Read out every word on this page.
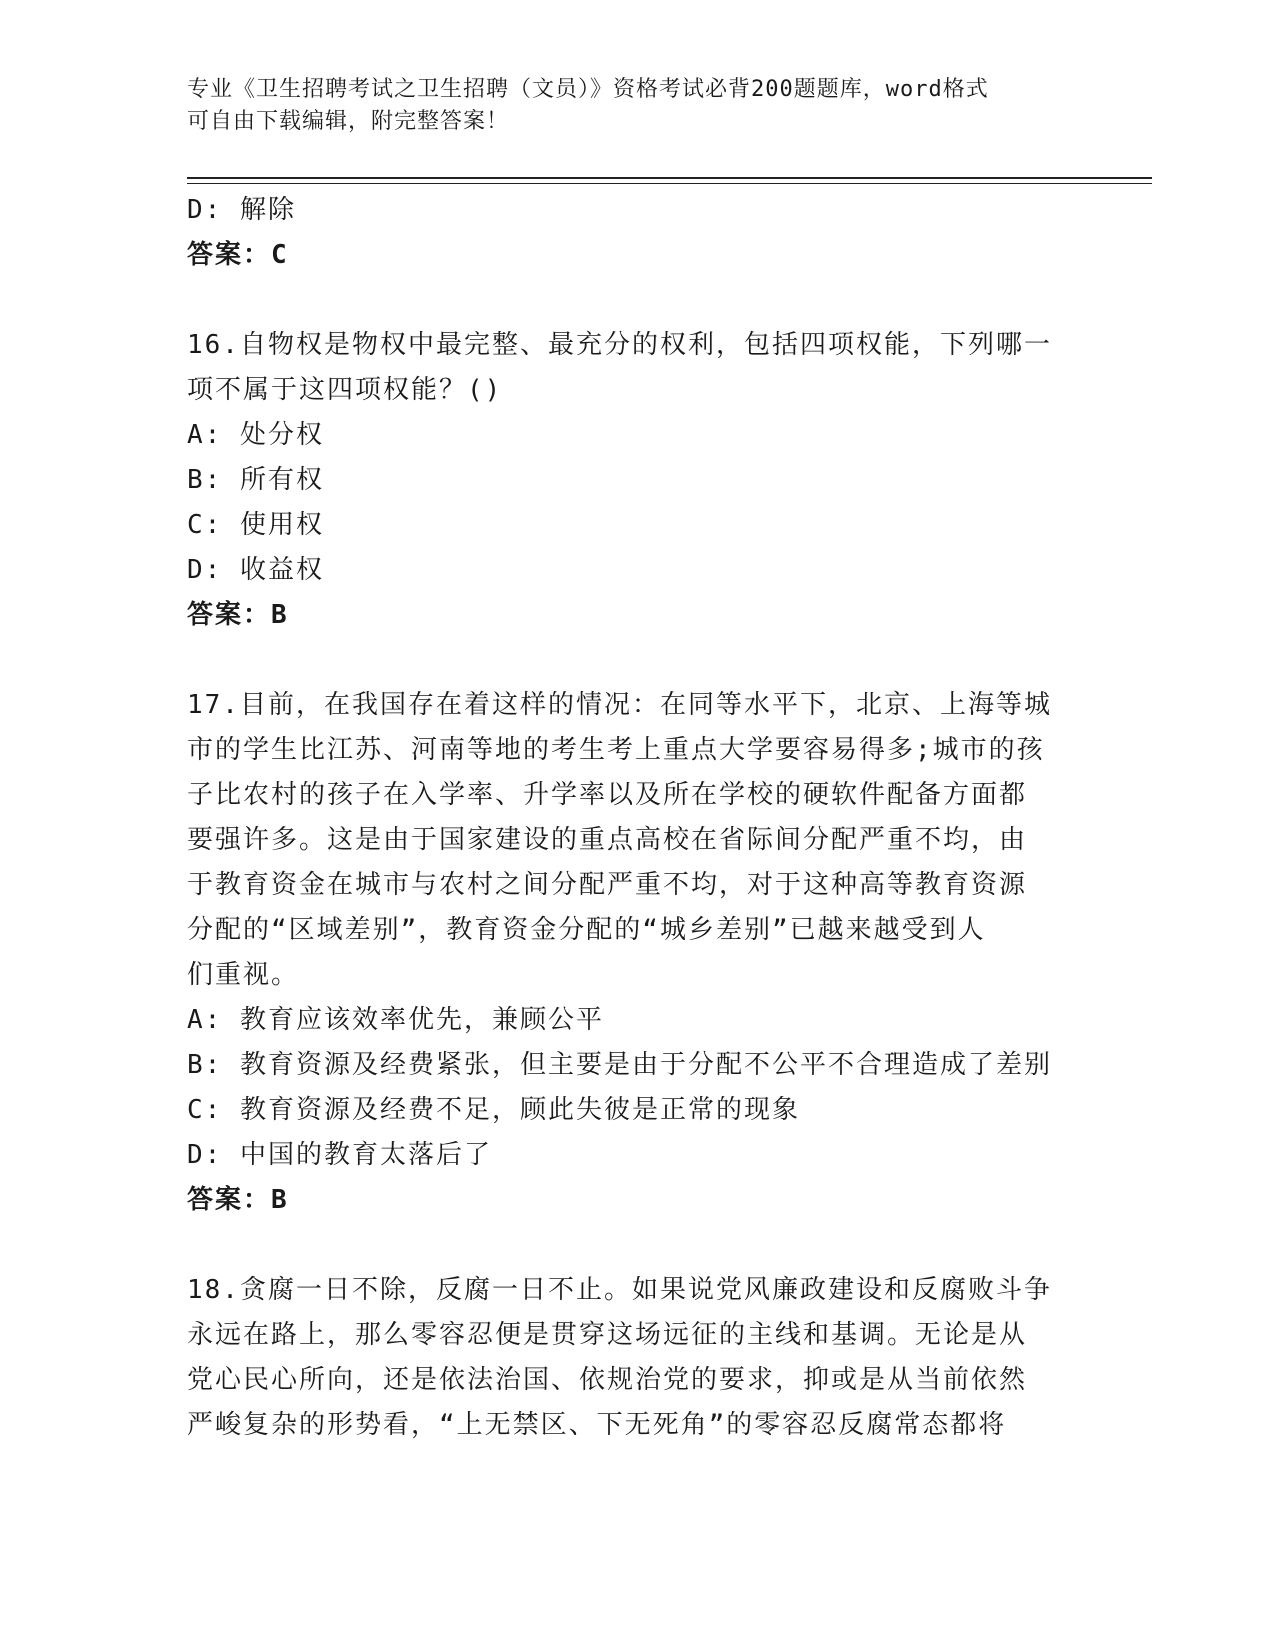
专业《卫生招聘考试之卫生招聘（文员）》资格考试必背200题题库，word格式
可自由下载编辑，附完整答案！
D: 解除
答案：C
16.自物权是物权中最完整、最充分的权利，包括四项权能，下列哪一
项不属于这四项权能？()
A: 处分权
B: 所有权
C: 使用权
D: 收益权
答案：B
17.目前，在我国存在着这样的情况：在同等水平下，北京、上海等城
市的学生比江苏、河南等地的考生考上重点大学要容易得多;城市的孩
子比农村的孩子在入学率、升学率以及所在学校的硬软件配备方面都
要强许多。这是由于国家建设的重点高校在省际间分配严重不均，由
于教育资金在城市与农村之间分配严重不均，对于这种高等教育资源
分配的“区域差别”，教育资金分配的“城乡差别”已越来越受到人
们重视。
A: 教育应该效率优先，兼顾公平
B: 教育资源及经费紧张，但主要是由于分配不公平不合理造成了差别
C: 教育资源及经费不足，顾此失彼是正常的现象
D: 中国的教育太落后了
答案：B
18.贪腐一日不除，反腐一日不止。如果说党风廉政建设和反腐败斗争
永远在路上，那么零容忍便是贯穿这场远征的主线和基调。无论是从
党心民心所向，还是依法治国、依规治党的要求，抑或是从当前依然
严峻复杂的形势看，“上无禁区、下无死角”的零容忍反腐常态都将
